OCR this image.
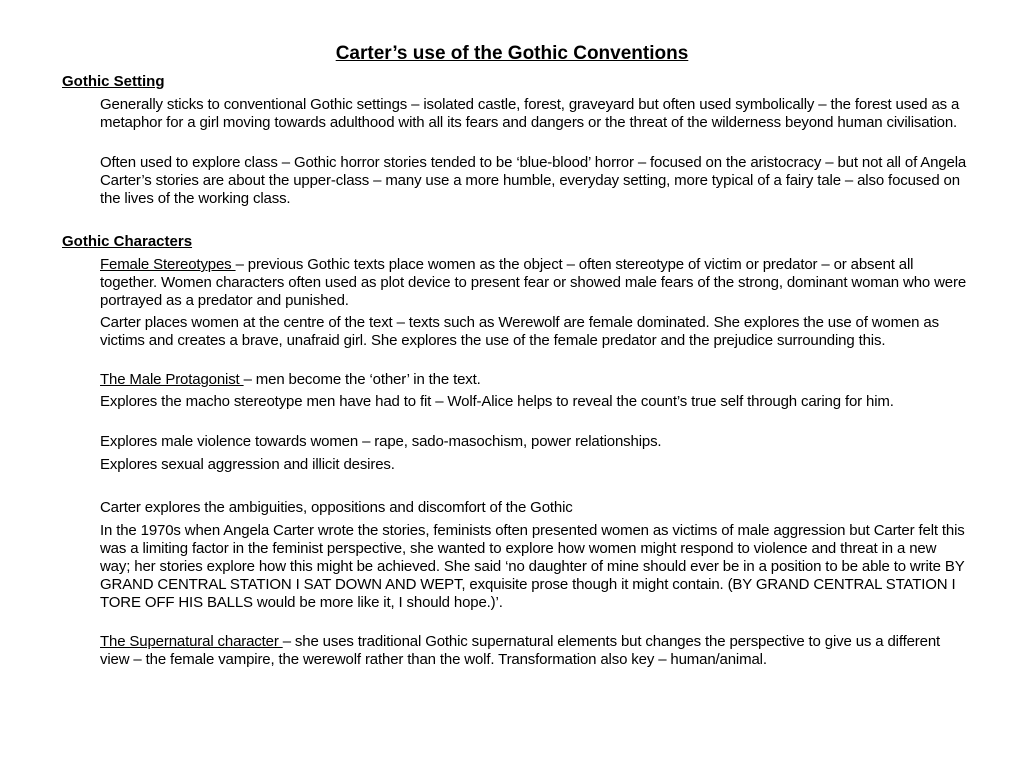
Carter’s use of the Gothic Conventions
Gothic Setting

Generally sticks to conventional Gothic settings – isolated castle, forest, graveyard but often used symbolically – the forest used as a metaphor for a girl moving towards adulthood with all its fears and dangers or the threat of the wilderness beyond human civilisation.

Often used to explore class – Gothic horror stories tended to be ‘blue-blood’ horror – focused on the aristocracy – but not all of Angela Carter’s stories are about the upper-class – many use a more humble, everyday setting, more typical of a fairy tale – also focused on the lives of the working class.

Gothic Characters

Female Stereotypes – previous Gothic texts place women as the object – often stereotype of victim or predator – or absent all together. Women characters often used as plot device to present fear or showed male fears of the strong, dominant woman who were portrayed as a predator and punished.

Carter places women at the centre of the text – texts such as Werewolf are female dominated. She explores the use of women as victims and creates a brave, unafraid girl. She explores the use of the female predator and the prejudice surrounding this.

The Male Protagonist – men become the ‘other’ in the text.

Explores the macho stereotype men have had to fit – Wolf-Alice helps to reveal the count’s true self through caring for him.

Explores male violence towards women – rape, sado-masochism, power relationships.

Explores sexual aggression and illicit desires.

Carter explores the ambiguities, oppositions and discomfort of the Gothic

In the 1970s when Angela Carter wrote the stories, feminists often presented women as victims of male aggression but Carter felt this was a limiting factor in the feminist perspective, she wanted to explore how women might respond to violence and threat in a new way; her stories explore how this might be achieved. She said ‘no daughter of mine should ever be in a position to be able to write BY GRAND CENTRAL STATION I SAT DOWN AND WEPT, exquisite prose though it might contain. (BY GRAND CENTRAL STATION I TORE OFF HIS BALLS would be more like it, I should hope.)’.

The Supernatural character – she uses traditional Gothic supernatural elements but changes the perspective to give us a different view – the female vampire, the werewolf rather than the wolf. Transformation also key – human/animal.
